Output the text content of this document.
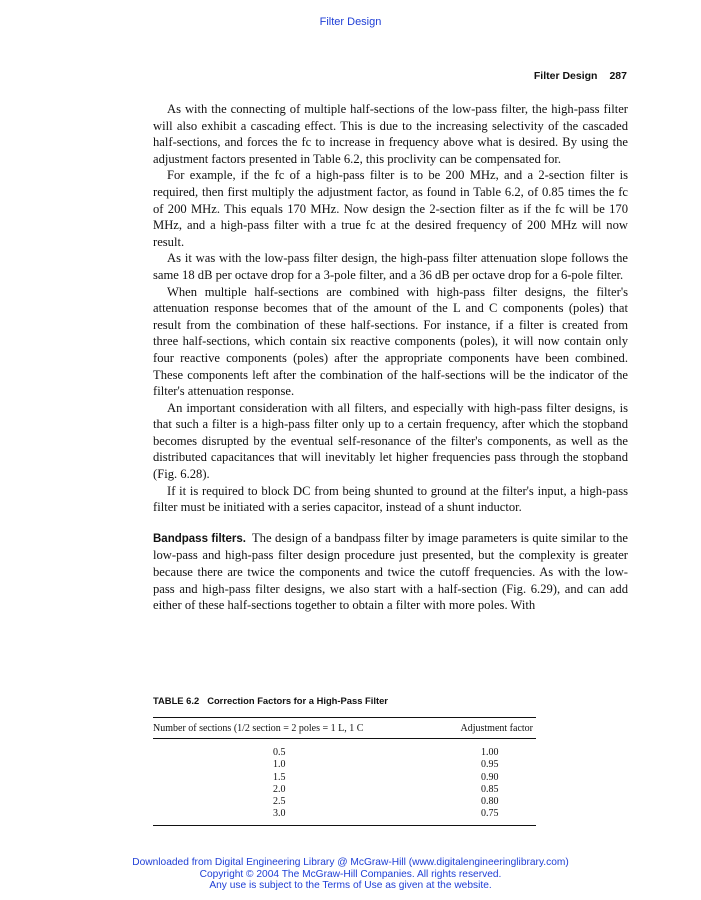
Filter Design
Filter Design 287

As with the connecting of multiple half-sections of the low-pass filter, the high-pass filter will also exhibit a cascading effect. This is due to the increasing selectivity of the cascaded half-sections, and forces the fc to increase in frequency above what is desired. By using the adjustment factors presented in Table 6.2, this proclivity can be compensated for.

For example, if the fc of a high-pass filter is to be 200 MHz, and a 2-section filter is required, then first multiply the adjustment factor, as found in Table 6.2, of 0.85 times the fc of 200 MHz. This equals 170 MHz. Now design the 2-section filter as if the fc will be 170 MHz, and a high-pass filter with a true fc at the desired frequency of 200 MHz will now result.

As it was with the low-pass filter design, the high-pass filter attenuation slope follows the same 18 dB per octave drop for a 3-pole filter, and a 36 dB per octave drop for a 6-pole filter.

When multiple half-sections are combined with high-pass filter designs, the filter's attenuation response becomes that of the amount of the L and C components (poles) that result from the combination of these half-sections. For instance, if a filter is created from three half-sections, which contain six reactive components (poles), it will now contain only four reactive components (poles) after the appropriate components have been combined. These components left after the combination of the half-sections will be the indicator of the filter's attenuation response.

An important consideration with all filters, and especially with high-pass filter designs, is that such a filter is a high-pass filter only up to a certain frequency, after which the stopband becomes disrupted by the eventual self-resonance of the filter's components, as well as the distributed capacitances that will inevitably let higher frequencies pass through the stopband (Fig. 6.28).

If it is required to block DC from being shunted to ground at the filter's input, a high-pass filter must be initiated with a series capacitor, instead of a shunt inductor.

Bandpass filters. The design of a bandpass filter by image parameters is quite similar to the low-pass and high-pass filter design procedure just presented, but the complexity is greater because there are twice the components and twice the cutoff frequencies. As with the low-pass and high-pass filter designs, we also start with a half-section (Fig. 6.29), and can add either of these half-sections together to obtain a filter with more poles. With

TABLE 6.2 Correction Factors for a High-Pass Filter
Number of sections (1/2 section = 2 poles = 1 L, 1 C	Adjustment factor
0.5	1.00
1.0	0.95
1.5	0.90
2.0	0.85
2.5	0.80
3.0	0.75
Downloaded from Digital Engineering Library @ McGraw-Hill (www.digitalengineeringlibrary.com)
Copyright © 2004 The McGraw-Hill Companies. All rights reserved.
Any use is subject to the Terms of Use as given at the website.
